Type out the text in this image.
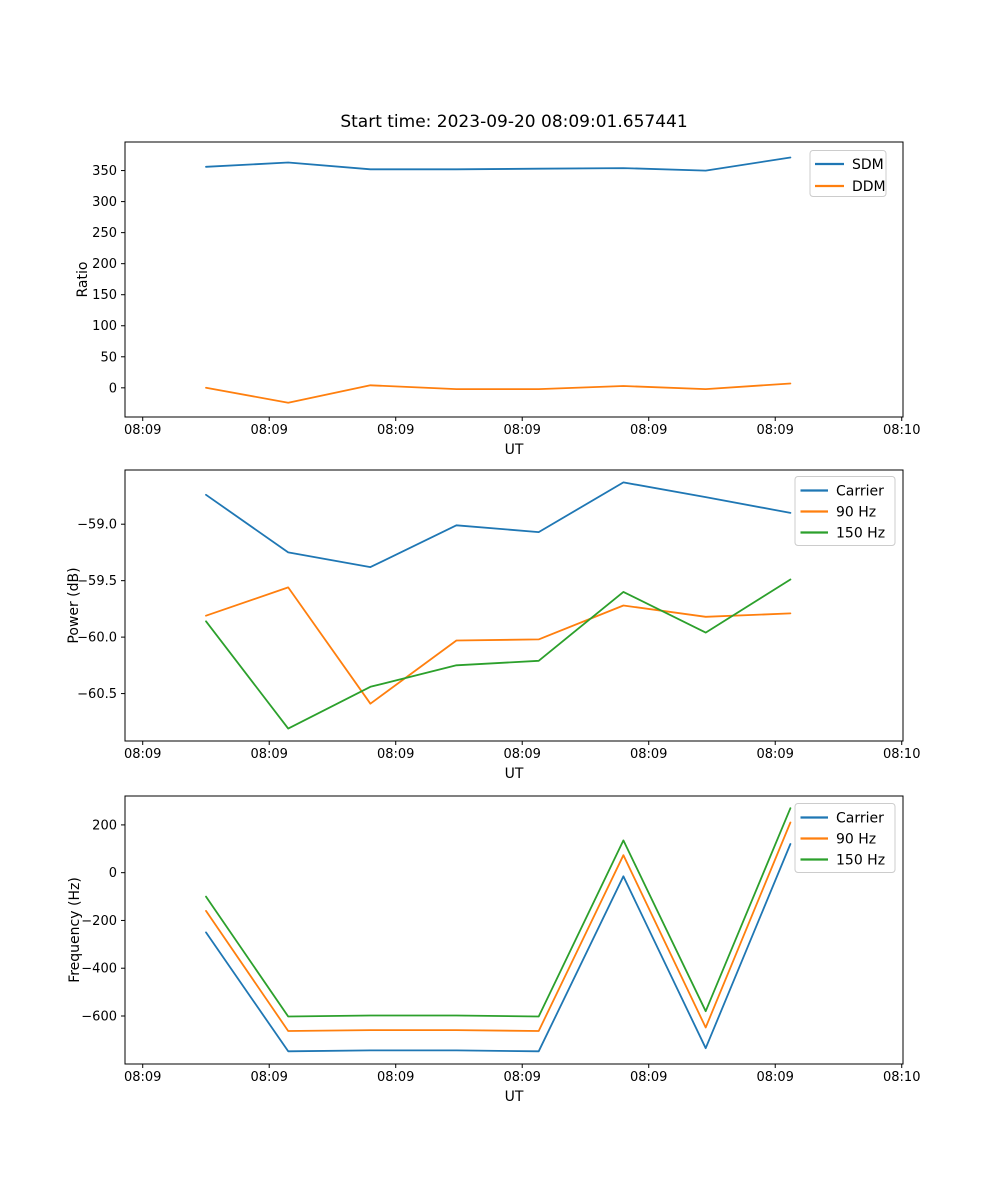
Start time: 2023-09-20 08:09:01.657441
08:09	08:09	08:09	08:09	08:09	08:09	08:10
0
50
100
150
200
250
300
350
UT
Ratio
SDM
DDM
08:09	08:09	08:09	08:09	08:09	08:09	08:10
−59.0
−59.5
−60.0
−60.5
UT
Power (dB)
Carrier
90 Hz
150 Hz
08:09	08:09	08:09	08:09	08:09	08:09	08:10
200
0
−200
−400
−600
UT
Frequency (Hz)
Carrier
90 Hz
150 Hz
